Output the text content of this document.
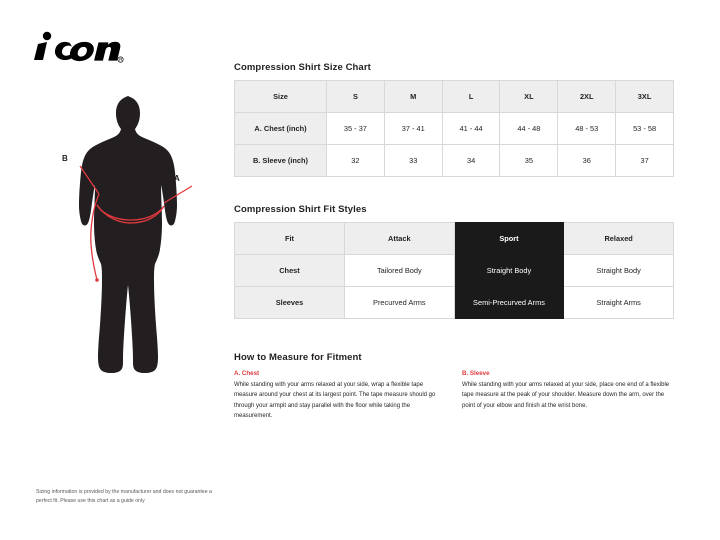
R
B
A
Sizing information is provided by the manufacturer and does not guarantee a perfect fit. Please use this chart as a guide only
Compression Shirt Size Chart
Size	S	M	L	XL	2XL	3XL
A. Chest (inch)	35 - 37	37 - 41	41 - 44	44 - 48	48 - 53	53 - 58
B. Sleeve (inch)	32	33	34	35	36	37
Compression Shirt Fit Styles
Fit	Attack	Sport	Relaxed
Chest	Tailored Body	Straight Body	Straight Body
Sleeves	Precurved Arms	Semi-Precurved Arms	Straight Arms
How to Measure for Fitment
A. Chest
While standing with your arms relaxed at your side, wrap a flexible tape measure around your chest at its largest point. The tape measure should go through your armpit and stay parallel with the floor while taking the measurement.
B. Sleeve
While standing with your arms relaxed at your side, place one end of a flexible tape measure at the peak of your shoulder. Measure down the arm, over the point of your elbow and finish at the wrist bone.
